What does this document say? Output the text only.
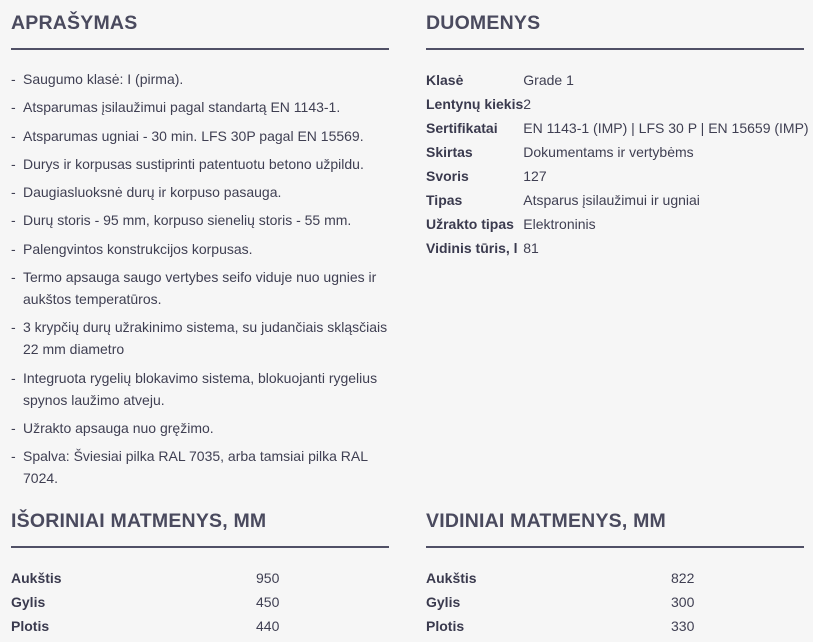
APRAŠYMAS
- Saugumo klasė: I (pirma).
- Atsparumas įsilaužimui pagal standartą EN 1143-1.
- Atsparumas ugniai - 30 min. LFS 30P pagal EN 15569.
- Durys ir korpusas sustiprinti patentuotu betono užpildu.
- Daugiasluoksnė durų ir korpuso pasauga.
- Durų storis - 95 mm, korpuso sienelių storis - 55 mm.
- Palengvintos konstrukcijos korpusas.
- Termo apsauga saugo vertybes seifo viduje nuo ugnies ir aukštos temperatūros.
- 3 krypčių durų užrakinimo sistema, su judančiais skląsčiais 22 mm diametro
- Integruota rygelių blokavimo sistema, blokuojanti rygelius spynos laužimo atveju.
- Užrakto apsauga nuo gręžimo.
- Spalva: Šviesiai pilka RAL 7035, arba tamsiai pilka RAL 7024.
DUOMENYS
Klasė	Grade 1
Lentynų kiekis	2
Sertifikatai	EN 1143-1 (IMP) | LFS 30 P | EN 15659 (IMP)
Skirtas	Dokumentams ir vertybėms
Svoris	127
Tipas	Atsparus įsilaužimui ir ugniai
Užrakto tipas	Elektroninis
Vidinis tūris, l	81
IŠORINIAI MATMENYS, MM
Aukštis	950
Gylis	450
Plotis	440
VIDINIAI MATMENYS, MM
Aukštis	822
Gylis	300
Plotis	330
